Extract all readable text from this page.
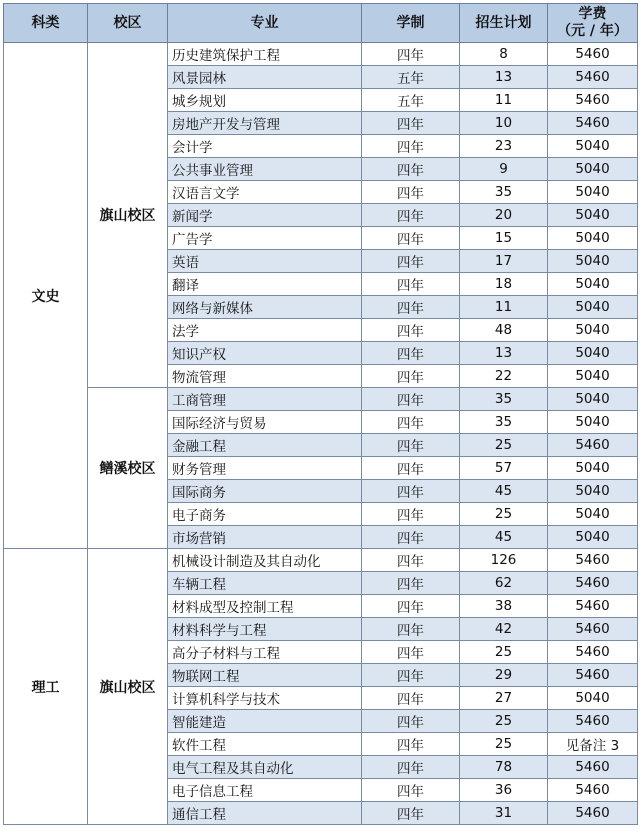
科类	校区	专业	学制	招生计划	学费
（元 / 年）

文史	旗山校区	历史建筑保护工程	四年	8	5460
		风景园林	五年	13	5460
		城乡规划	五年	11	5460
		房地产开发与管理	四年	10	5460
		会计学	四年	23	5040
		公共事业管理	四年	9	5040
		汉语言文学	四年	35	5040
		新闻学	四年	20	5040
		广告学	四年	15	5040
		英语	四年	17	5040
		翻译	四年	18	5040
		网络与新媒体	四年	11	5040
		法学	四年	48	5040
		知识产权	四年	13	5040
		物流管理	四年	22	5040
	鳝溪校区	工商管理	四年	35	5040
		国际经济与贸易	四年	35	5040
		金融工程	四年	25	5460
		财务管理	四年	57	5040
		国际商务	四年	45	5040
		电子商务	四年	25	5040
		市场营销	四年	45	5040
理工	旗山校区	机械设计制造及其自动化	四年	126	5460
		车辆工程	四年	62	5460
		材料成型及控制工程	四年	38	5460
		材料科学与工程	四年	42	5460
		高分子材料与工程	四年	25	5460
		物联网工程	四年	29	5460
		计算机科学与技术	四年	27	5040
		智能建造	四年	25	5460
		软件工程	四年	25	见备注 3
		电气工程及其自动化	四年	78	5460
		电子信息工程	四年	36	5460
		通信工程	四年	31	5460
